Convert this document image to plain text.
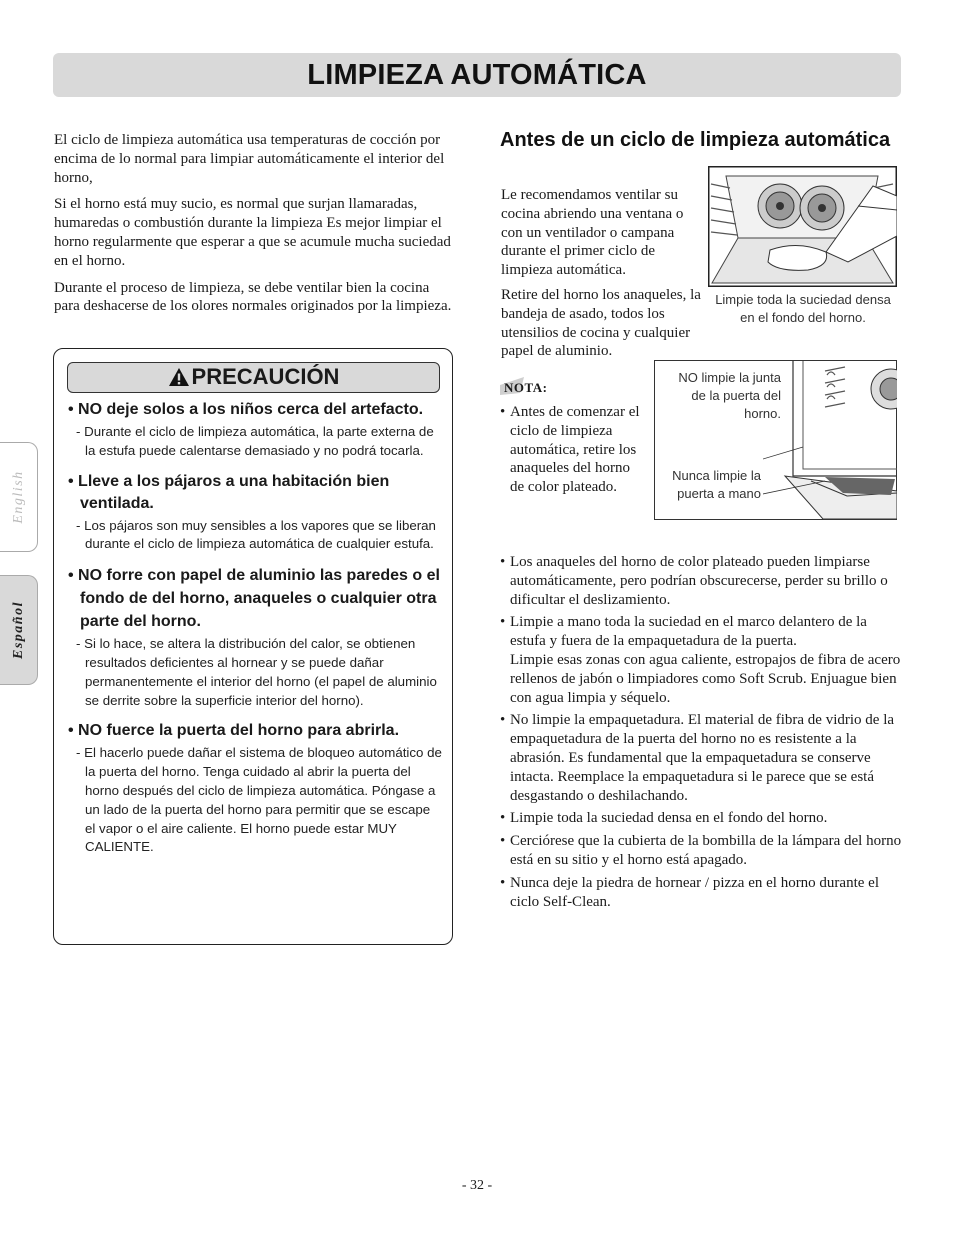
LIMPIEZA AUTOMÁTICA

El ciclo de limpieza automática usa temperaturas de cocción por encima de lo normal para limpiar automáticamente el interior del horno,

Si el horno está muy sucio, es normal que surjan llamaradas, humaredas o combustión durante la limpieza Es mejor limpiar el horno regularmente que esperar a que se acumule mucha suciedad en el horno.

Durante el proceso de limpieza, se debe ventilar bien la cocina para deshacerse de los olores normales originados por la limpieza.

English
Español
PRECAUCIÓN

• NO deje solos a los niños cerca del artefacto.

- Durante el ciclo de limpieza automática, la parte externa de la estufa puede calentarse demasiado y no podrá tocarla.

• Lleve a los pájaros a una habitación bien ventilada.

- Los pájaros son muy sensibles a los vapores que se liberan durante el ciclo de limpieza automática de cualquier estufa.

• NO forre con papel de aluminio las paredes o el fondo de del horno, anaqueles o cualquier otra parte del horno.

- Si lo hace, se altera la distribución del calor, se obtienen resultados deficientes al hornear y se puede dañar permanentemente el interior del horno (el papel de aluminio se derrite sobre la superficie interior del horno).

• NO fuerce la puerta del horno para abrirla.

- El hacerlo puede dañar el sistema de bloqueo automático de la puerta del horno. Tenga cuidado al abrir la puerta del horno después del ciclo de limpieza automática. Póngase a un lado de la puerta del horno para permitir que se escape el vapor o el aire caliente. El horno puede estar MUY CALIENTE.

Antes de un ciclo de limpieza automática

Le recomendamos ventilar su cocina abriendo una ventana o con un ventilador o campana durante el primer ciclo de limpieza automática.

Retire del horno los anaqueles, la bandeja de asado, todos los utensilios de cocina y cualquier papel de aluminio.

Limpie toda la suciedad densa en el fondo del horno.
NO limpie la junta de la puerta del horno.
Nunca limpie la puerta a mano
NOTA:
• Antes de comenzar el ciclo de limpieza automática, retire los anaqueles del horno de color plateado.
• Los anaqueles del horno de color plateado pueden limpiarse automáticamente, pero podrían obscurecerse, perder su brillo o dificultar el deslizamiento.
• Limpie a mano toda la suciedad en el marco delantero de la estufa y fuera de la empaquetadura de la puerta.
Limpie esas zonas con agua caliente, estropajos de fibra de acero rellenos de jabón o limpiadores como Soft Scrub. Enjuague bien con agua limpia y séquelo.
• No limpie la empaquetadura. El material de fibra de vidrio de la empaquetadura de la puerta del horno no es resistente a la abrasión. Es fundamental que la empaquetadura se conserve intacta. Reemplace la empaquetadura si le parece que se está desgastando o deshilachando.
• Limpie toda la suciedad densa en el fondo del horno.
• Cerciórese que la cubierta de la bombilla de la lámpara del horno está en su sitio y el horno está apagado.
• Nunca deje la piedra de hornear / pizza en el horno durante el ciclo Self-Clean.
- 32 -
